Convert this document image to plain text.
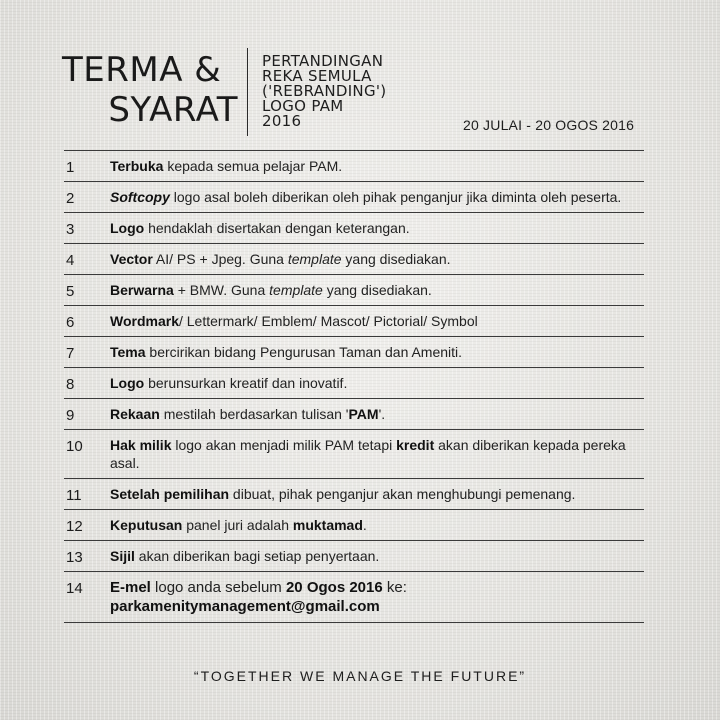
TERMA &
SYARAT
PERTANDINGAN
REKA SEMULA
('REBRANDING')
LOGO PAM
2016	20 JULAI - 20 OGOS 2016
1	Terbuka kepada semua pelajar PAM.
2	Softcopy logo asal boleh diberikan oleh pihak penganjur jika diminta oleh peserta.
3	Logo hendaklah disertakan dengan keterangan.
4	Vector AI/ PS + Jpeg. Guna template yang disediakan.
5	Berwarna + BMW. Guna template yang disediakan.
6	Wordmark/ Lettermark/ Emblem/ Mascot/ Pictorial/ Symbol
7	Tema bercirikan bidang Pengurusan Taman dan Ameniti.
8	Logo berunsurkan kreatif dan inovatif.
9	Rekaan mestilah berdasarkan tulisan 'PAM'.
10	Hak milik logo akan menjadi milik PAM tetapi kredit akan diberikan kepada pereka asal.
11	Setelah pemilihan dibuat, pihak penganjur akan menghubungi pemenang.
12	Keputusan panel juri adalah muktamad.
13	Sijil akan diberikan bagi setiap penyertaan.
14	E-mel logo anda sebelum 20 Ogos 2016 ke:
parkamenitymanagement@gmail.com
“TOGETHER WE MANAGE THE FUTURE”
